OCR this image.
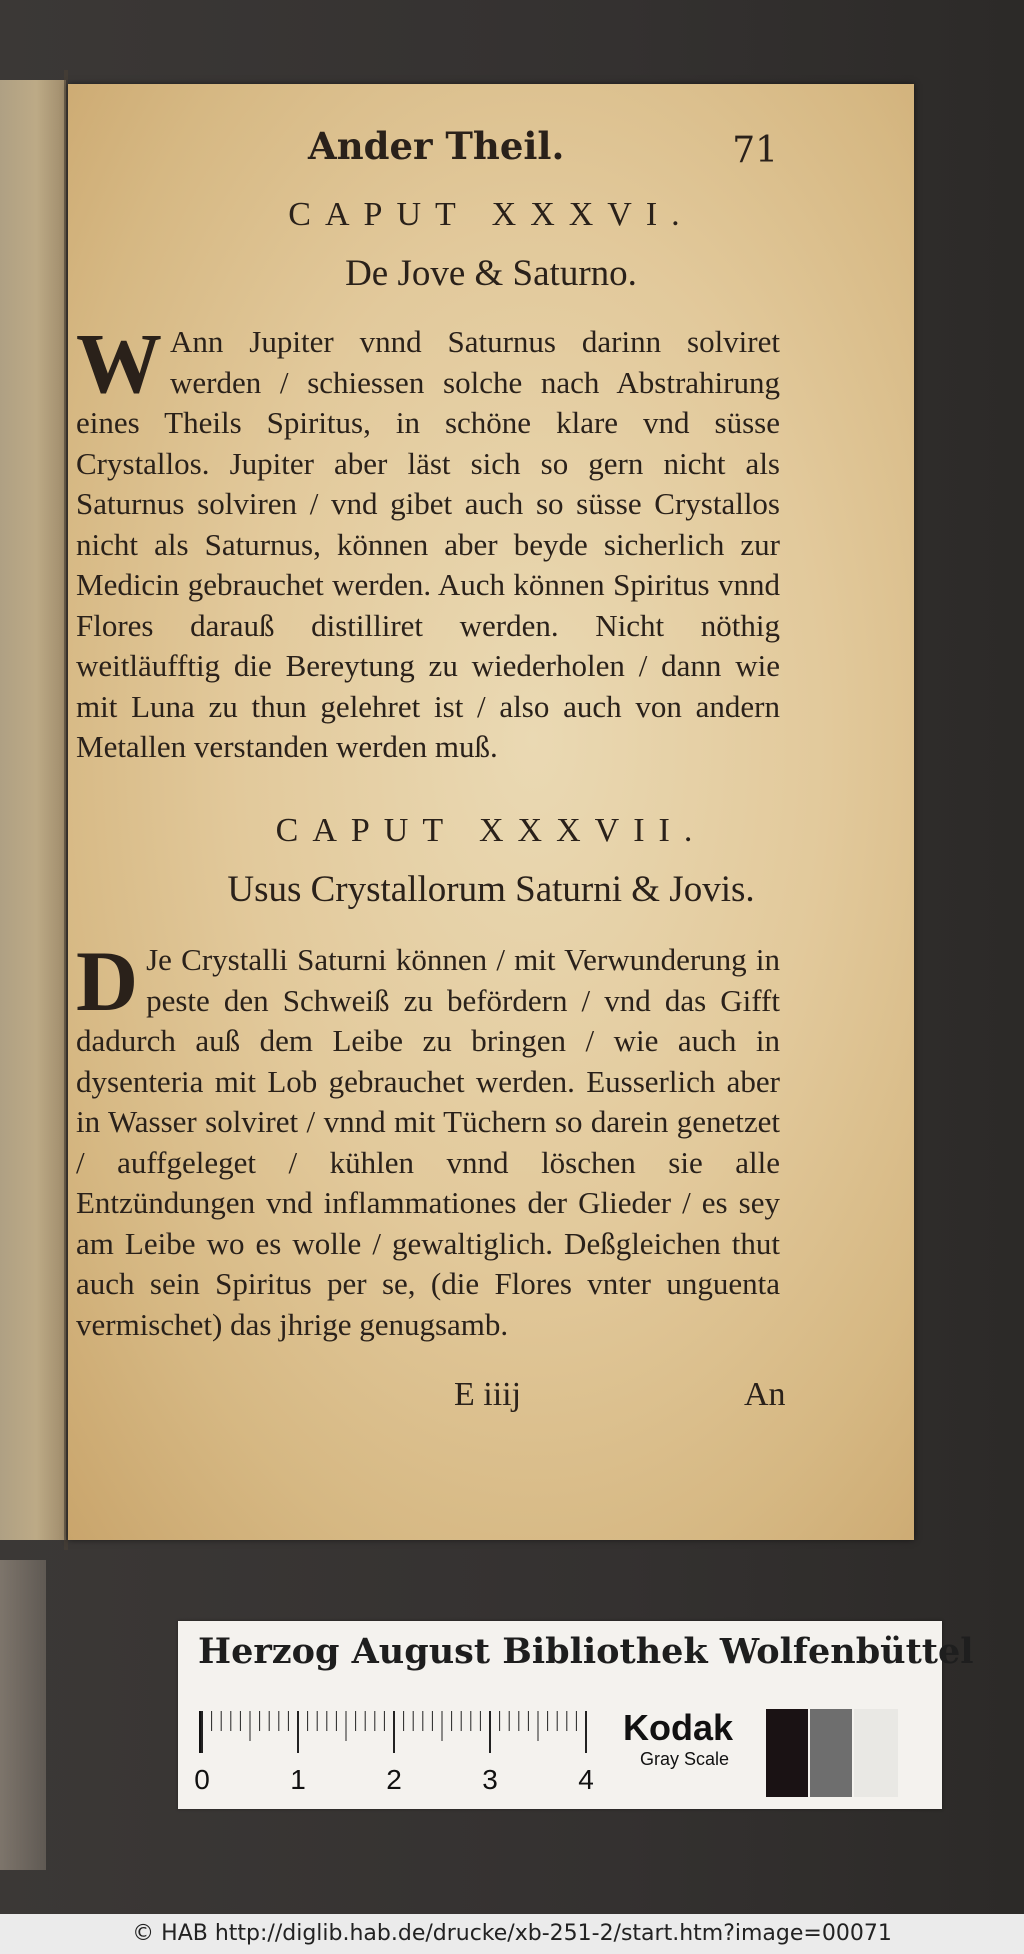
Ander Theil.	71
CAPUT XXXVI.
De Jove & Saturno.
W Ann Jupiter vnnd Saturnus darinn solviret werden / schiessen solche nach Abstrahirung eines Theils Spiritus, in schöne klare vnd süsse Crystallos. Jupiter aber läst sich so gern nicht als Saturnus solviren / vnd gibet auch so süsse Crystallos nicht als Saturnus, können aber beyde sicherlich zur Medicin gebrauchet werden. Auch können Spiritus vnnd Flores darauß distilliret werden. Nicht nöthig weitläufftig die Bereytung zu wiederholen / dann wie mit Luna zu thun gelehret ist / also auch von andern Metallen verstanden werden muß.
CAPUT XXXVII.
Usus Crystallorum Saturni & Jovis.
D Je Crystalli Saturni können / mit Verwunderung in peste den Schweiß zu befördern / vnd das Gifft dadurch auß dem Leibe zu bringen / wie auch in dysenteria mit Lob gebrauchet werden. Eusserlich aber in Wasser solviret / vnnd mit Tüchern so darein genetzet / auffgeleget / kühlen vnnd löschen sie alle Entzündungen vnd inflammationes der Glieder / es sey am Leibe wo es wolle / gewaltiglich. Deßgleichen thut auch sein Spiritus per se, (die Flores vnter unguenta vermischet) das jhrige genugsamb.
E iiij	An
Herzog August Bibliothek Wolfenbüttel
0	1	2	3	4
Kodak
Gray Scale
© HAB http://diglib.hab.de/drucke/xb-251-2/start.htm?image=00071
